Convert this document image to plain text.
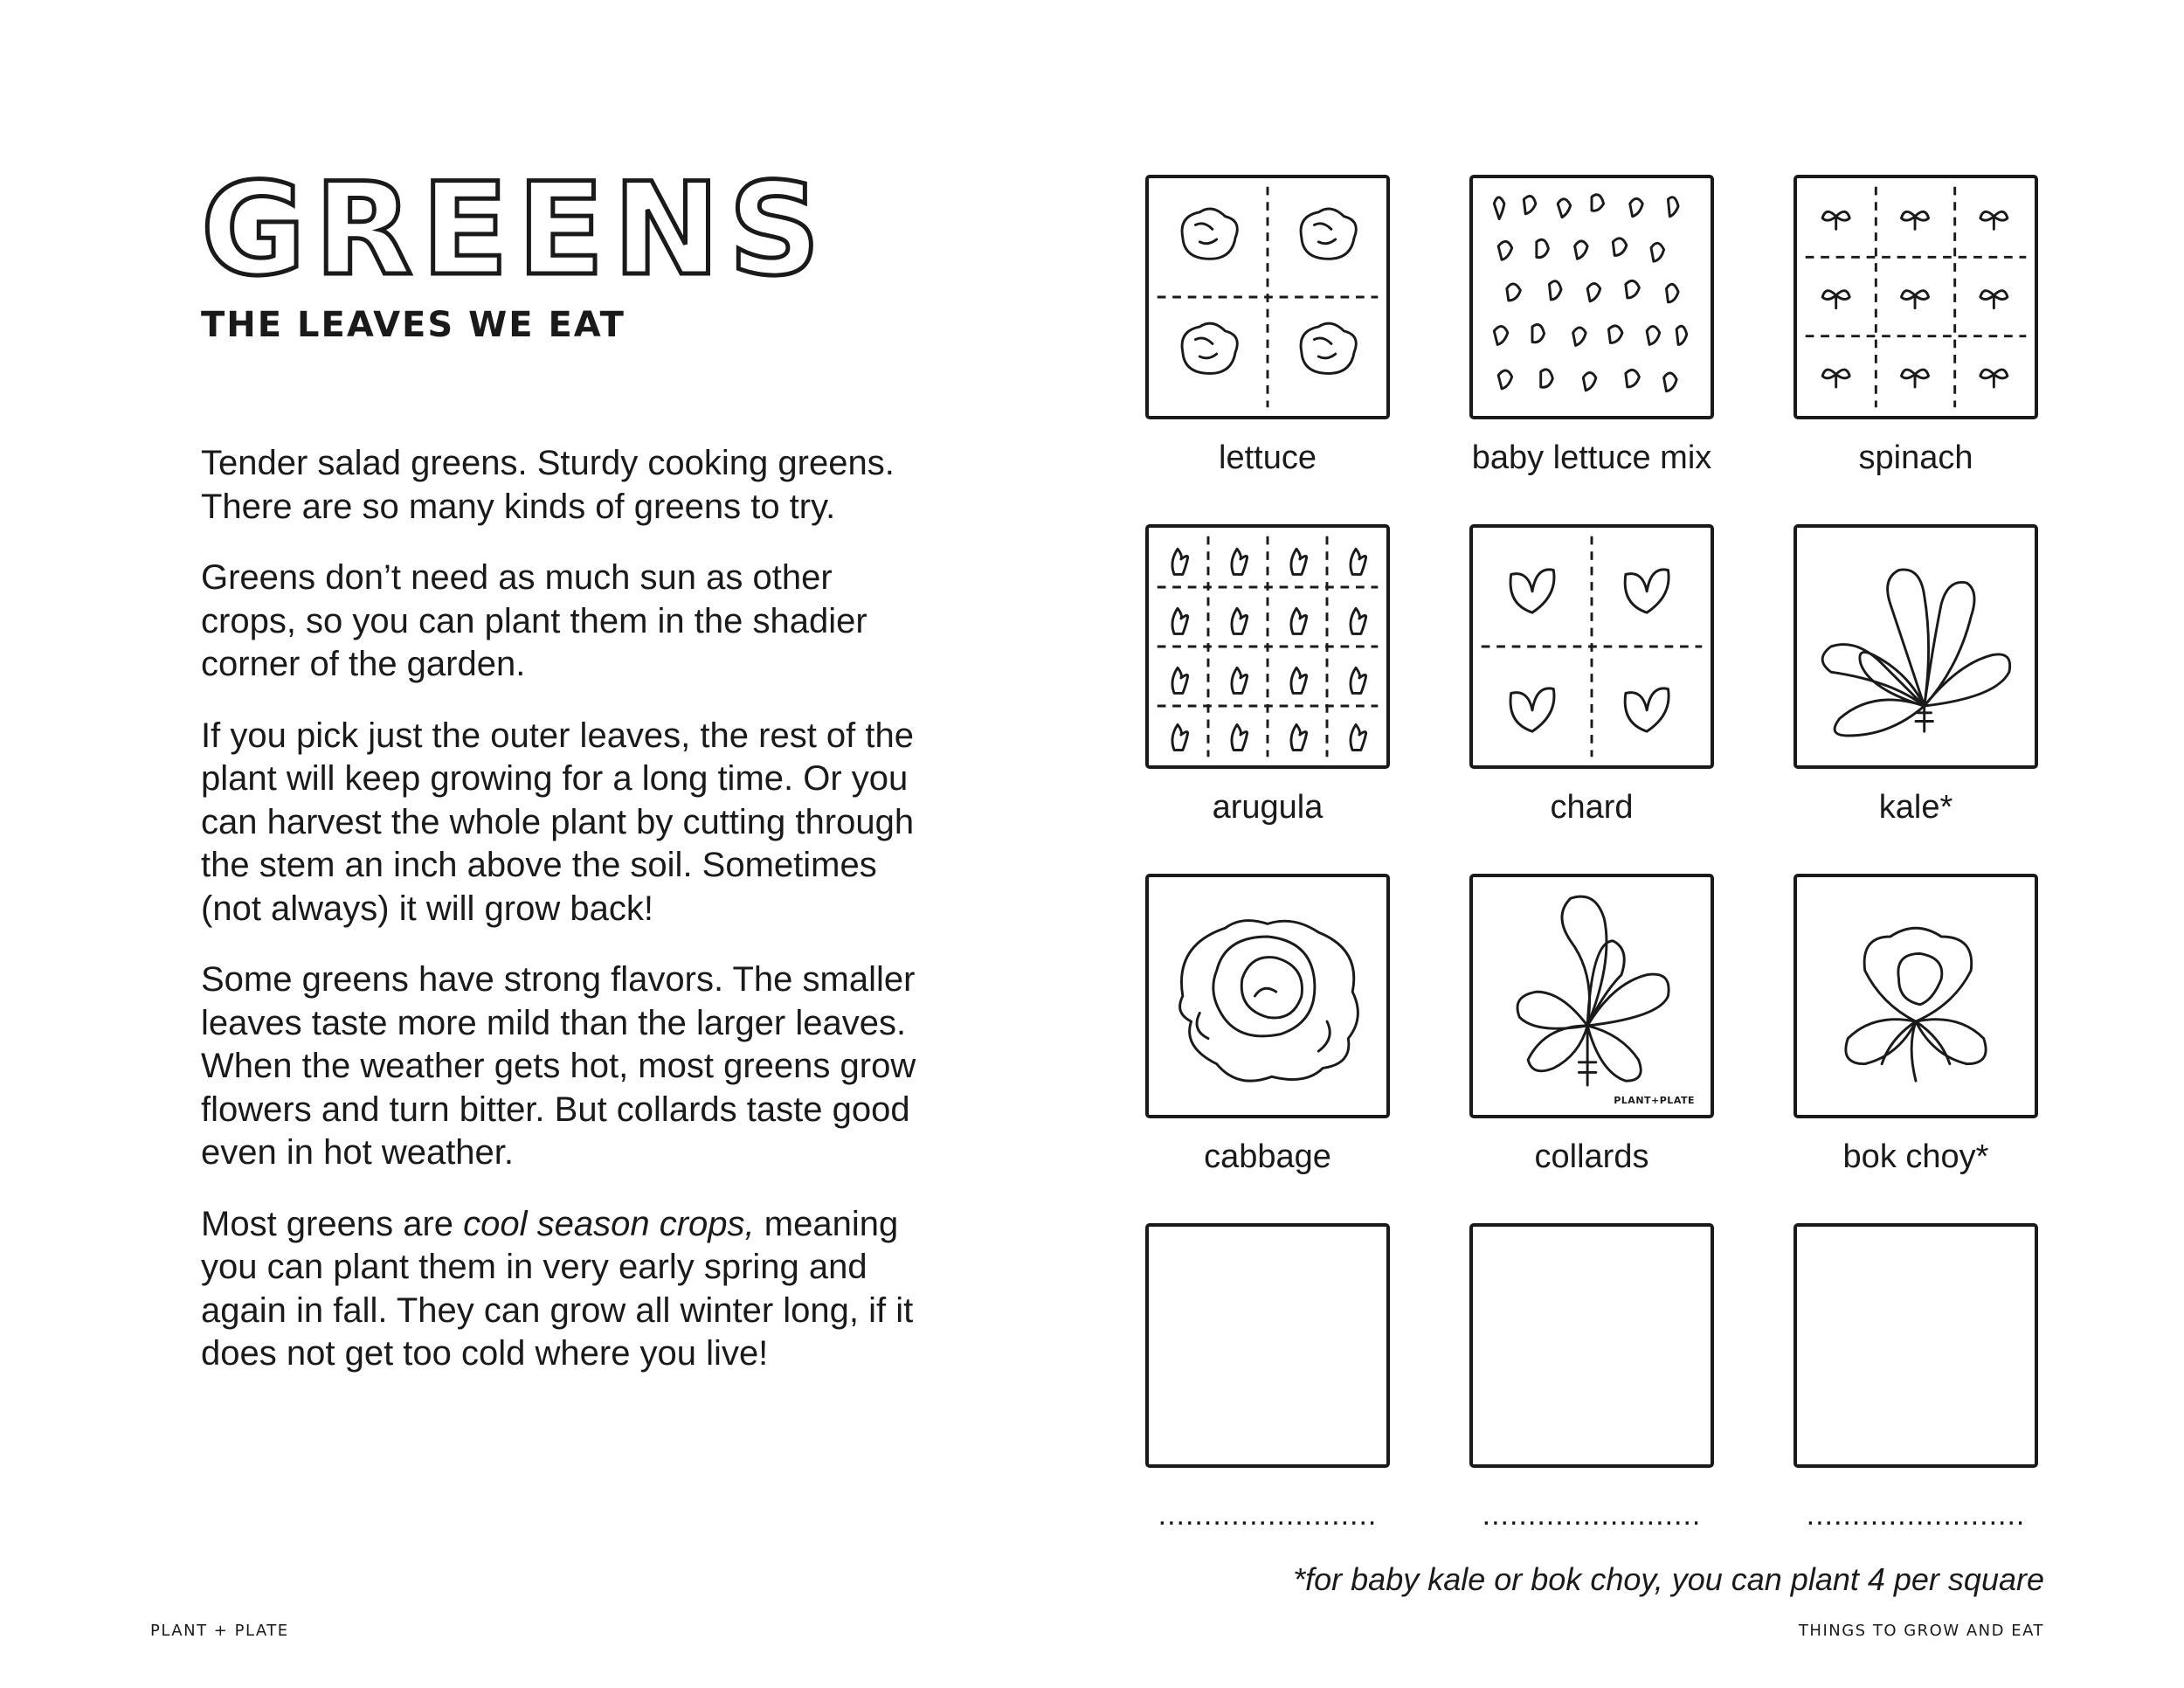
GREENS
THE LEAVES WE EAT

Tender salad greens. Sturdy cooking greens. There are so many kinds of greens to try.

Greens don’t need as much sun as other crops, so you can plant them in the shadier corner of the garden.

If you pick just the outer leaves, the rest of the plant will keep growing for a long time. Or you can harvest the whole plant by cutting through the stem an inch above the soil. Sometimes (not always) it will grow back!

Some greens have strong flavors. The smaller leaves taste more mild than the larger leaves. When the weather gets hot, most greens grow flowers and turn bitter. But collards taste good even in hot weather.

Most greens are cool season crops, meaning you can plant them in very early spring and again in fall. They can grow all winter long, if it does not get too cold where you live!

lettuce	baby lettuce mix	spinach
arugula	chard	kale*
cabbage
PLANT+PLATE
collards	bok choy*
........................	........................	........................
*for baby kale or bok choy, you can plant 4 per square
PLANT + PLATE	THINGS TO GROW AND EAT
